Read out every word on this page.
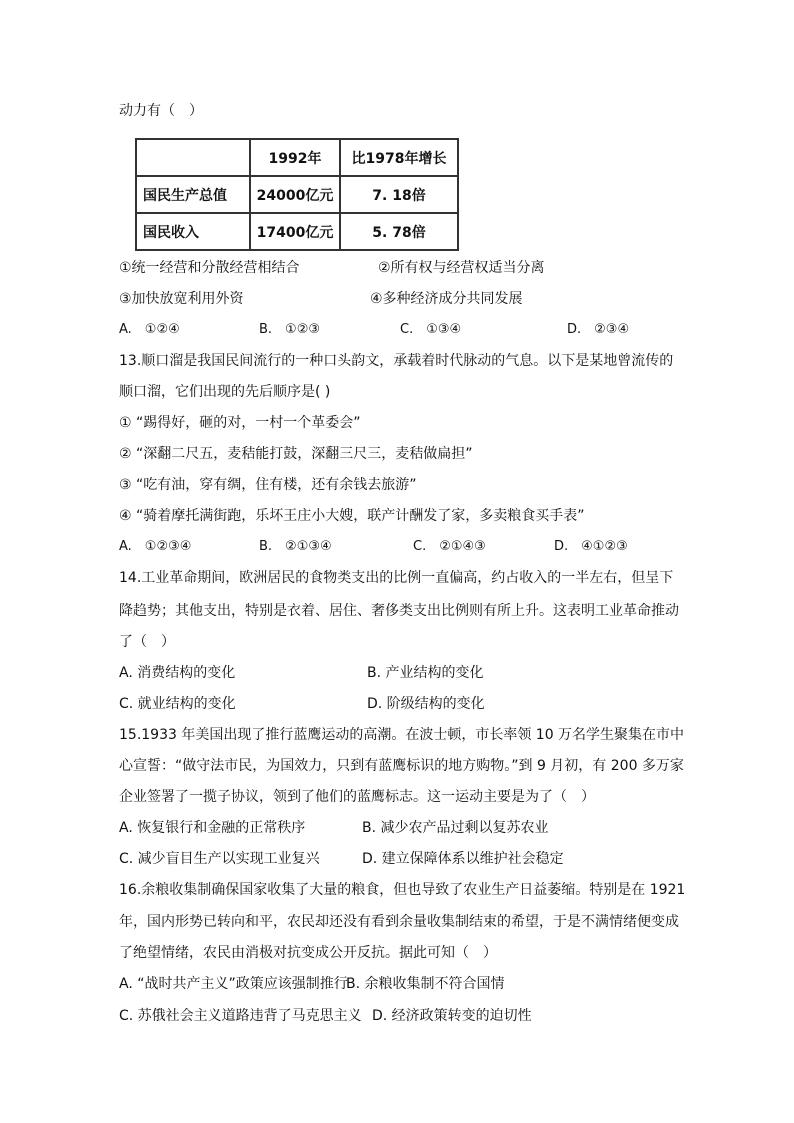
动力有（　）
	1992年	比1978年增长
国民生产总值	24000亿元	7. 18倍
国民收入	17400亿元	5. 78倍
①统一经营和分散经营相结合	②所有权与经营权适当分离
③加快放宽利用外资	④多种经济成分共同发展
A.　①②④	B.　①②③	C.　①③④	D.　②③④
13.顺口溜是我国民间流行的一种口头韵文，承载着时代脉动的气息。以下是某地曾流传的
顺口溜，它们出现的先后顺序是( )
① “踢得好，砸的对，一村一个革委会”
② “深翻二尺五，麦秸能打鼓，深翻三尺三，麦秸做扁担”
③ “吃有油，穿有绸，住有楼，还有余钱去旅游”
④ “骑着摩托满街跑，乐坏王庄小大嫂，联产计酬发了家，多卖粮食买手表”
A.　①②③④	B.　②①③④	C.　②①④③	D.　④①②③
14.工业革命期间，欧洲居民的食物类支出的比例一直偏高，约占收入的一半左右，但呈下
降趋势；其他支出，特别是衣着、居住、奢侈类支出比例则有所上升。这表明工业革命推动
了（　）
A. 消费结构的变化	B. 产业结构的变化
C. 就业结构的变化	D. 阶级结构的变化
15.1933 年美国出现了推行蓝鹰运动的高潮。在波士顿，市长率领 10 万名学生聚集在市中
心宣誓：“做守法市民，为国效力，只到有蓝鹰标识的地方购物。”到 9 月初，有 200 多万家
企业签署了一揽子协议，领到了他们的蓝鹰标志。这一运动主要是为了（　）
A. 恢复银行和金融的正常秩序	B. 减少农产品过剩以复苏农业
C. 减少盲目生产以实现工业复兴	D. 建立保障体系以维护社会稳定
16.余粮收集制确保国家收集了大量的粮食，但也导致了农业生产日益萎缩。特别是在 1921
年，国内形势已转向和平，农民却还没有看到余量收集制结束的希望，于是不满情绪便变成
了绝望情绪，农民由消极对抗变成公开反抗。据此可知（　）
A. “战时共产主义”政策应该强制推行
B. 余粮收集制不符合国情
C. 苏俄社会主义道路违背了马克思主义 D. 经济政策转变的迫切性
